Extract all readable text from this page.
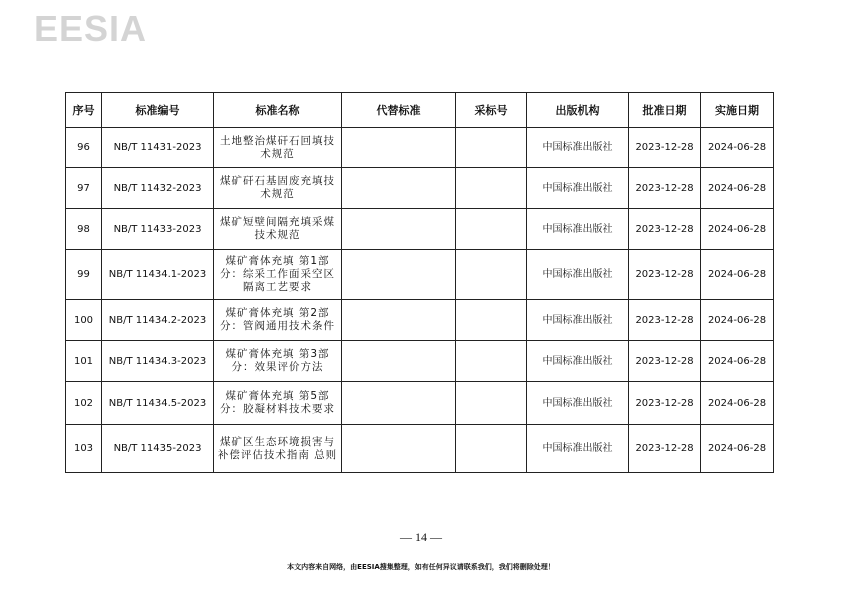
EESIA
序号	标准编号	标准名称	代替标准	采标号	出版机构	批准日期	实施日期
96	NB/T 11431-2023	土地整治煤矸石回填技术规范			中国标准出版社	2023-12-28	2024-06-28
97	NB/T 11432-2023	煤矿矸石基固废充填技术规范			中国标准出版社	2023-12-28	2024-06-28
98	NB/T 11433-2023	煤矿短壁间隔充填采煤技术规范			中国标准出版社	2023-12-28	2024-06-28
99	NB/T 11434.1-2023	煤矿膏体充填 第1部分：综采工作面采空区隔离工艺要求			中国标准出版社	2023-12-28	2024-06-28
100	NB/T 11434.2-2023	煤矿膏体充填 第2部分：管阀通用技术条件			中国标准出版社	2023-12-28	2024-06-28
101	NB/T 11434.3-2023	煤矿膏体充填 第3部分：效果评价方法			中国标准出版社	2023-12-28	2024-06-28
102	NB/T 11434.5-2023	煤矿膏体充填 第5部分：胶凝材料技术要求			中国标准出版社	2023-12-28	2024-06-28
103	NB/T 11435-2023	煤矿区生态环境损害与补偿评估技术指南 总则			中国标准出版社	2023-12-28	2024-06-28
— 14 —
本文内容来自网络，由EESIA搜集整理，如有任何异议请联系我们，我们将删除处理！
